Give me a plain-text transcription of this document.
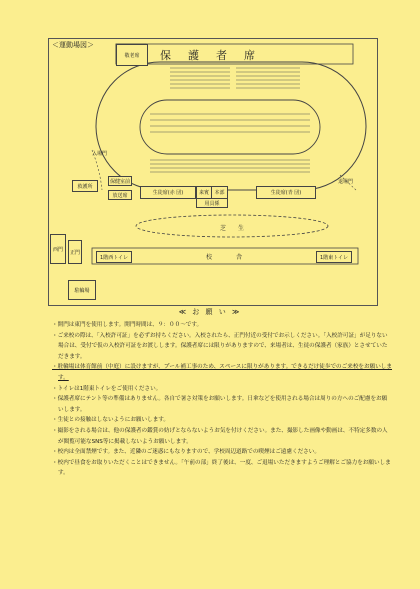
＜運動場図＞
敬老席	保　護　者　席
生徒席(赤 団)	来賓	本部
用具係
生徒席(青 団)
保健室前
放送席
救護所
入場門
退場門
芝　　生
西門	正門
1階西トイレ	校　　　　舎	1階東トイレ
駐輪場
≪ お 願 い ≫

・開門は東門を使用します。開門時間は、９：００～です。

・ご来校の際は、「入校許可証」を必ずお持ちください。入校されたら、正門付近の受付でお示しください。「入校許可証」が足りない場合は、受付で仮の入校許可証をお渡しします。保護者席には限りがありますので、来場者は、生徒の保護者（家族）とさせていただきます。

・駐輪場は体育館前（中庭）に設けますが、プール補工事のため、スペースに限りがあります。できるだけ徒歩でのご来校をお願いします。

・トイレは1階東トイレをご使用ください。

・保護者席にテント等の準備はありません。各自で暑さ対策をお願いします。日傘などを使用される場合は周りの方へのご配慮をお願いします。

・生徒との接触はしないようにお願いします。

・撮影をされる場合は、他の保護者の鑑賞の妨げとならないようお気を付けください。また、撮影した画像や動画は、不特定多数の人が閲覧可能なSNS等に掲載しないようお願いします。

・校内は全面禁煙です。また、近隣のご迷惑にもなりますので、学校周辺道路での喫煙はご遠慮ください。

・校内で昼食をお取りいただくことはできません。「午前の部」終了後は、一度、ご退場いただきますようご理解とご協力をお願いします。
